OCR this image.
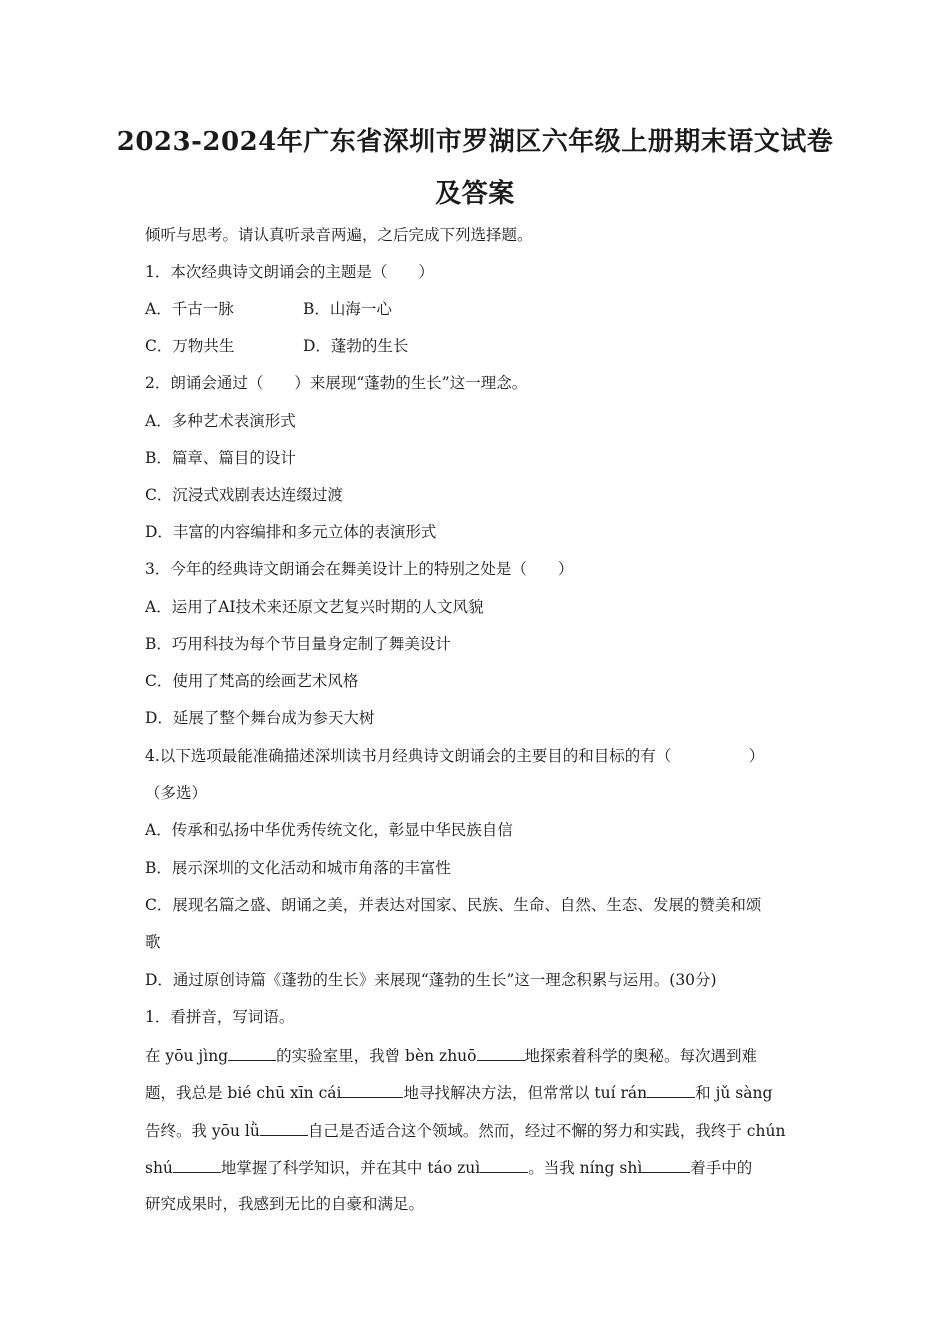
2023-2024年广东省深圳市罗湖区六年级上册期末语文试卷
及答案
倾听与思考。请认真听录音两遍，之后完成下列选择题。
1．本次经典诗文朗诵会的主题是（　　）
A．千古一脉	B．山海一心
C．万物共生	D．蓬勃的生长
2．朗诵会通过（　　）来展现“蓬勃的生长”这一理念。
A．多种艺术表演形式
B．篇章、篇目的设计
C．沉浸式戏剧表达连缀过渡
D．丰富的内容编排和多元立体的表演形式
3．今年的经典诗文朗诵会在舞美设计上的特别之处是（　　）
A．运用了AI技术来还原文艺复兴时期的人文风貌
B．巧用科技为每个节目量身定制了舞美设计
C．使用了梵高的绘画艺术风格
D．延展了整个舞台成为参天大树
4.以下选项最能准确描述深圳读书月经典诗文朗诵会的主要目的和目标的有（　　　　　）
（多选）
A．传承和弘扬中华优秀传统文化，彰显中华民族自信
B．展示深圳的文化活动和城市角落的丰富性
C．展现名篇之盛、朗诵之美，并表达对国家、民族、生命、自然、生态、发展的赞美和颂
歌
D．通过原创诗篇《蓬勃的生长》来展现“蓬勃的生长”这一理念积累与运用。(30分)
1．看拼音，写词语。
在 yōu jìng	的实验室里，我曾 bèn zhuō	地探索着科学的奥秘。每次遇到难
题，我总是 bié chū xīn cái	地寻找解决方法，但常常以 tuí rán	和 jǔ sàng
告终。我 yōu lǜ	自己是否适合这个领域。然而，经过不懈的努力和实践，我终于 chún
shú	地掌握了科学知识，并在其中 táo zuì	。当我 níng shì	着手中的
研究成果时，我感到无比的自豪和满足。
